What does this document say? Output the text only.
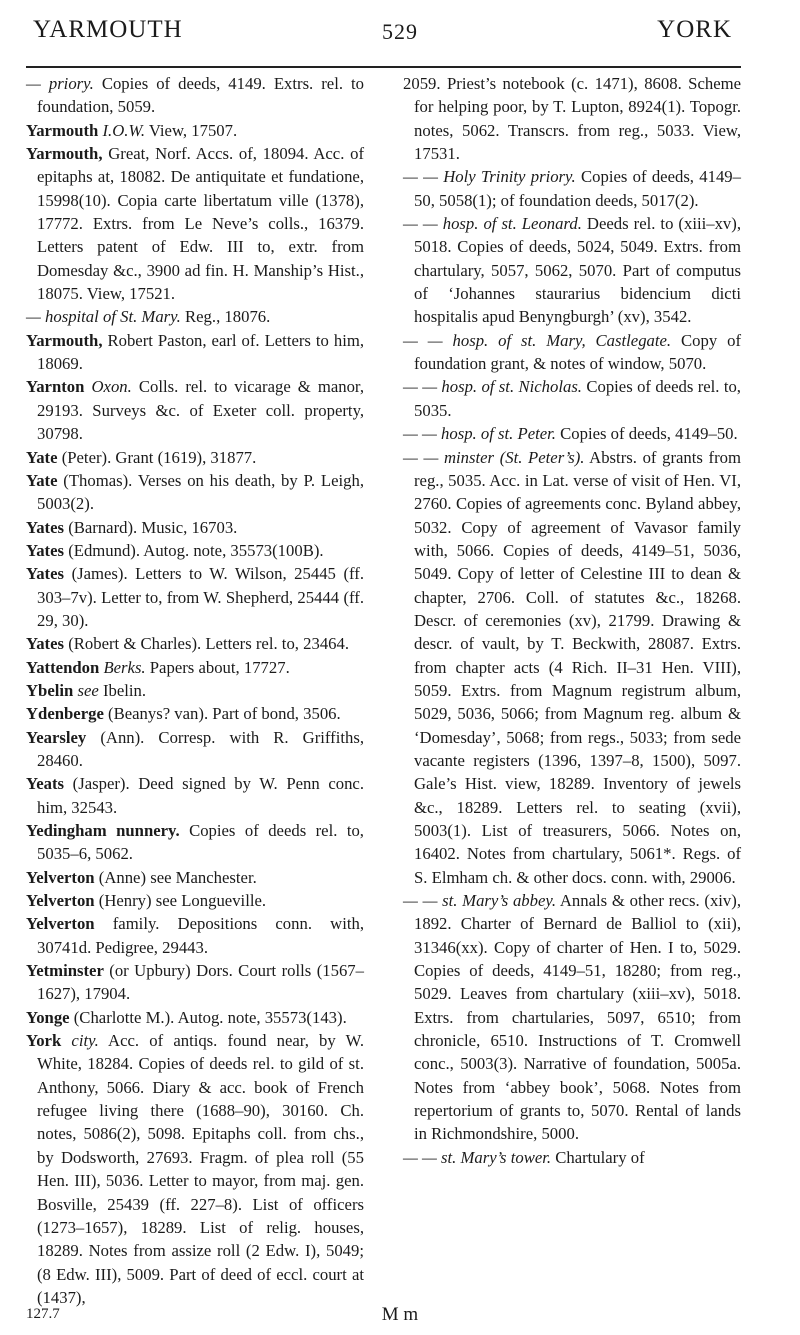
YARMOUTH	529	YORK

— priory. Copies of deeds, 4149. Extrs. rel. to foundation, 5059.

Yarmouth I.O.W. View, 17507.

Yarmouth, Great, Norf. Accs. of, 18094. Acc. of epitaphs at, 18082. De antiquitate et fundatione, 15998(10). Copia carte libertatum ville (1378), 17772. Extrs. from Le Neve’s colls., 16379. Letters patent of Edw. III to, extr. from Domesday &c., 3900 ad fin. H. Manship’s Hist., 18075. View, 17521.

— hospital of St. Mary. Reg., 18076.

Yarmouth, Robert Paston, earl of. Letters to him, 18069.

Yarnton Oxon. Colls. rel. to vicarage & manor, 29193. Surveys &c. of Exeter coll. property, 30798.

Yate (Peter). Grant (1619), 31877.

Yate (Thomas). Verses on his death, by P. Leigh, 5003(2).

Yates (Barnard). Music, 16703.

Yates (Edmund). Autog. note, 35573(100B).

Yates (James). Letters to W. Wilson, 25445 (ff. 303–7v). Letter to, from W. Shepherd, 25444 (ff. 29, 30).

Yates (Robert & Charles). Letters rel. to, 23464.

Yattendon Berks. Papers about, 17727.

Ybelin see Ibelin.

Ydenberge (Beanys? van). Part of bond, 3506.

Yearsley (Ann). Corresp. with R. Griffiths, 28460.

Yeats (Jasper). Deed signed by W. Penn conc. him, 32543.

Yedingham nunnery. Copies of deeds rel. to, 5035–6, 5062.

Yelverton (Anne) see Manchester.

Yelverton (Henry) see Longueville.

Yelverton family. Depositions conn. with, 30741d. Pedigree, 29443.

Yetminster (or Upbury) Dors. Court rolls (1567–1627), 17904.

Yonge (Charlotte M.). Autog. note, 35573(143).

York city. Acc. of antiqs. found near, by W. White, 18284. Copies of deeds rel. to gild of st. Anthony, 5066. Diary & acc. book of French refugee living there (1688–90), 30160. Ch. notes, 5086(2), 5098. Epitaphs coll. from chs., by Dodsworth, 27693. Fragm. of plea roll (55 Hen. III), 5036. Letter to mayor, from maj. gen. Bosville, 25439 (ff. 227–8). List of officers (1273–1657), 18289. List of relig. houses, 18289. Notes from assize roll (2 Edw. I), 5049; (8 Edw. III), 5009. Part of deed of eccl. court at (1437),

2059. Priest’s notebook (c. 1471), 8608. Scheme for helping poor, by T. Lupton, 8924(1). Topogr. notes, 5062. Transcrs. from reg., 5033. View, 17531.

— — Holy Trinity priory. Copies of deeds, 4149–50, 5058(1); of foundation deeds, 5017(2).

— — hosp. of st. Leonard. Deeds rel. to (xiii–xv), 5018. Copies of deeds, 5024, 5049. Extrs. from chartulary, 5057, 5062, 5070. Part of computus of ‘Johannes staurarius bidencium dicti hospitalis apud Benyngburgh’ (xv), 3542.

— — hosp. of st. Mary, Castlegate. Copy of foundation grant, & notes of window, 5070.

— — hosp. of st. Nicholas. Copies of deeds rel. to, 5035.

— — hosp. of st. Peter. Copies of deeds, 4149–50.

— — minster (St. Peter’s). Abstrs. of grants from reg., 5035. Acc. in Lat. verse of visit of Hen. VI, 2760. Copies of agreements conc. Byland abbey, 5032. Copy of agreement of Vavasor family with, 5066. Copies of deeds, 4149–51, 5036, 5049. Copy of letter of Celestine III to dean & chapter, 2706. Coll. of statutes &c., 18268. Descr. of ceremonies (xv), 21799. Drawing & descr. of vault, by T. Beckwith, 28087. Extrs. from chapter acts (4 Rich. II–31 Hen. VIII), 5059. Extrs. from Magnum registrum album, 5029, 5036, 5066; from Magnum reg. album & ‘Domesday’, 5068; from regs., 5033; from sede vacante registers (1396, 1397–8, 1500), 5097. Gale’s Hist. view, 18289. Inventory of jewels &c., 18289. Letters rel. to seating (xvii), 5003(1). List of treasurers, 5066. Notes on, 16402. Notes from chartulary, 5061*. Regs. of S. Elmham ch. & other docs. conn. with, 29006.

— — st. Mary’s abbey. Annals & other recs. (xiv), 1892. Charter of Bernard de Balliol to (xii), 31346(xx). Copy of charter of Hen. I to, 5029. Copies of deeds, 4149–51, 18280; from reg., 5029. Leaves from chartulary (xiii–xv), 5018. Extrs. from chartularies, 5097, 6510; from chronicle, 6510. Instructions of T. Cromwell conc., 5003(3). Narrative of foundation, 5005a. Notes from ‘abbey book’, 5068. Notes from repertorium of grants to, 5070. Rental of lands in Richmondshire, 5000.

— — st. Mary’s tower. Chartulary of

127.7	M m
